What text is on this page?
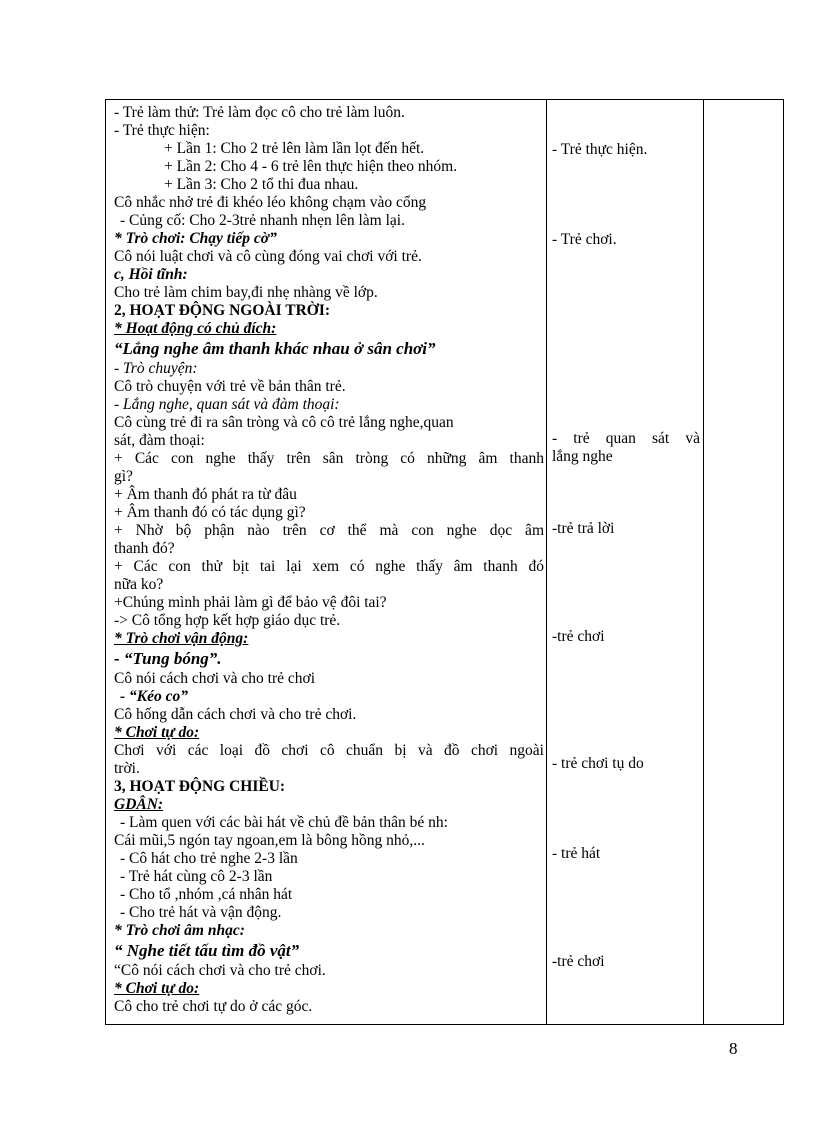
- Trẻ làm thử: Trẻ làm đọc cô cho trẻ làm luôn.
- Trẻ thực hiện:
+ Lần 1: Cho 2 trẻ lên làm lần lọt đến hết.
+ Lần 2: Cho 4 - 6 trẻ lên thực hiện theo nhóm.
+ Lần 3: Cho 2 tổ thi đua nhau.
Cô nhắc nhở trẻ đi khéo léo không chạm vào cổng
- Củng cố: Cho 2-3trẻ nhanh nhẹn lên làm lại.
* Trò chơi: Chạy tiếp cờ”
Cô nói luật chơi và cô cùng đóng vai chơi với trẻ.
c, Hồi tĩnh:
Cho trẻ làm chim bay,đi nhẹ nhàng về lớp.
2, HOẠT ĐỘNG NGOÀI TRỜI:
* Hoạt động có chủ đích:
“Lắng nghe âm thanh khác nhau ở sân chơi”
- Trò chuyện:
Cô trò chuyện với trẻ về bản thân trẻ.
- Lắng nghe, quan sát và đàm thoại:
Cô cùng trẻ đi ra sân tròng và cô cô trẻ lắng nghe,quan
sát, đàm thoại:
+ Các con nghe thấy trên sân tròng có những âm thanh
gì?
+ Âm thanh đó phát ra từ đâu
+ Âm thanh đó có tác dụng gì?
+ Nhờ bộ phận nào trên cơ thể mà con nghe dọc âm
thanh đó?
+ Các con thử bịt tai lại xem có nghe thấy âm thanh đó
nữa ko?
+Chúng mình phải làm gì để bảo vệ đôi tai?
-> Cô tổng hợp kết hợp giáo dục trẻ.
* Trò chơi vận động:
- “Tung bóng”.
Cô nói cách chơi và cho trẻ chơi
- “Kéo co”
Cô hống dẫn cách chơi và cho trẻ chơi.
* Chơi tự do:
Chơi với các loại đồ chơi cô chuẩn bị và đồ chơi ngoài
trời.
3, HOẠT ĐỘNG CHIỀU:
GDÂN:
- Làm quen với các bài hát về chủ đề bản thân bé nh:
Cái mũi,5 ngón tay ngoan,em là bông hồng nhỏ,...
- Cô hát cho trẻ nghe 2-3 lần
- Trẻ hát cùng cô 2-3 lần
- Cho tổ ,nhóm ,cá nhân hát
- Cho trẻ hát và vận động.
* Trò chơi âm nhạc:
“ Nghe tiết tấu tìm đồ vật”
“Cô nói cách chơi và cho trẻ chơi.
* Chơi tự do:
Cô cho trẻ chơi tự do ở các góc.
- Trẻ thực hiện.
- Trẻ chơi.
- trẻ quan sát và
lắng nghe
-trẻ trả lời
-trẻ chơi
- trẻ chơi tụ do
- trẻ hát
-trẻ chơi
8
